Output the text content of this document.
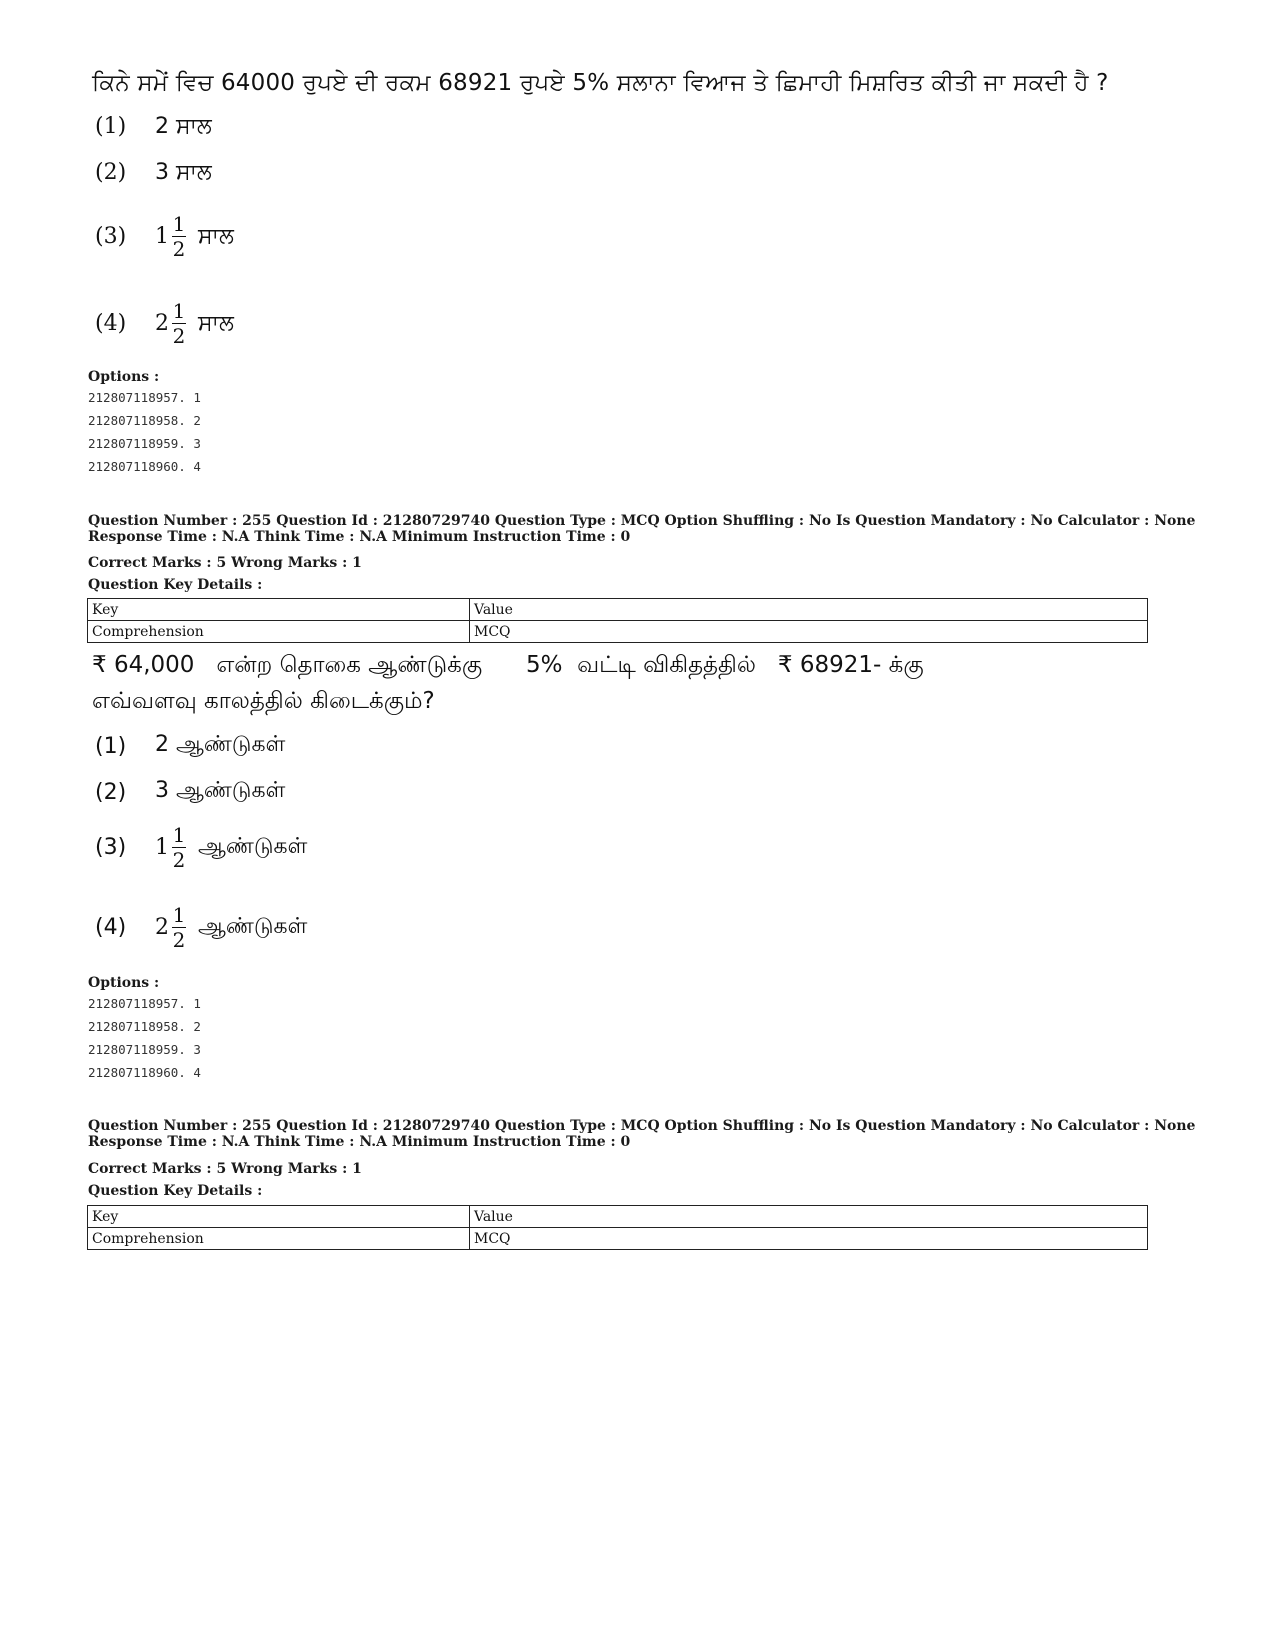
ਕਿਨੇ ਸਮੇਂ ਵਿਚ 64000 ਰੁਪਏ ਦੀ ਰਕਮ 68921 ਰੁਪਏ 5% ਸਲਾਨਾ ਵਿਆਜ ਤੇ ਛਿਮਾਹੀ ਮਿਸ਼ਰਿਤ ਕੀਤੀ ਜਾ ਸਕਦੀ ਹੈ ?
(1)	2 ਸਾਲ
(2)	3 ਸਾਲ
(3)	1 1
2 ਸਾਲ
(4)	2 1
2 ਸਾਲ
Options :
212807118957. 1
212807118958. 2
212807118959. 3
212807118960. 4
Question Number : 255 Question Id : 21280729740 Question Type : MCQ Option Shuffling : No Is Question Mandatory : No Calculator : None
Response Time : N.A Think Time : N.A Minimum Instruction Time : 0
Correct Marks : 5 Wrong Marks : 1
Question Key Details :
Key	Value
Comprehension	MCQ
₹ 64,000   என்ற தொகை ஆண்டுக்கு      5%  வட்டி விகிதத்தில்   ₹ 68921- க்கு
எவ்வளவு காலத்தில் கிடைக்கும்?
(1)	2 ஆண்டுகள்
(2)	3 ஆண்டுகள்
(3)	1 1
2
ஆண்டுகள்
(4)	2 1
2
ஆண்டுகள்
Options :
212807118957. 1
212807118958. 2
212807118959. 3
212807118960. 4
Question Number : 255 Question Id : 21280729740 Question Type : MCQ Option Shuffling : No Is Question Mandatory : No Calculator : None
Response Time : N.A Think Time : N.A Minimum Instruction Time : 0
Correct Marks : 5 Wrong Marks : 1
Question Key Details :
Key	Value
Comprehension	MCQ
